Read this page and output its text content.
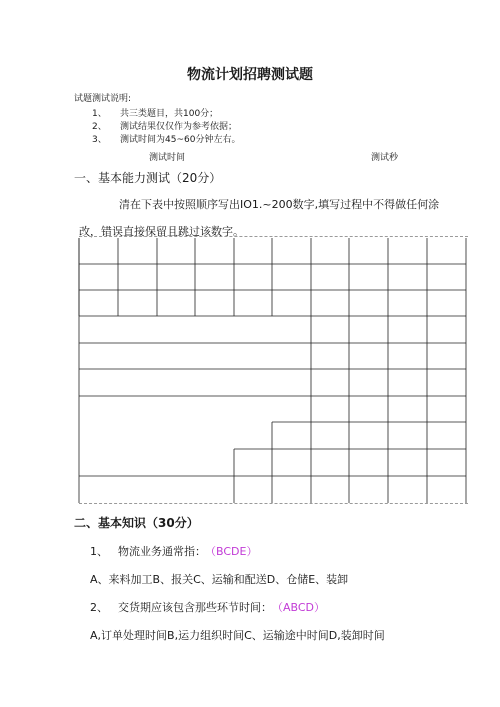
物流计划招聘测试题
试题测试说明:
1、 共三类题目，共100分；
2、 测试结果仅仅作为参考依据；
3、 测试时间为45~60分钟左右。
测试时间	测试秒
一、基本能力测试（20分）
清在下表中按照顺序写出IO1.~200数字,填写过程中不得做任何涂
改，错误直接保留且跳过该数字。
二、基本知识（30分）
1、 物流业务通常指： （BCDE）
A、来料加工B、报关C、运输和配送D、仓储E、装卸
2、 交货期应该包含那些环节时间： （ABCD）
A,订单处理时间B,运力组织时间C、运输途中时间D,装卸时间
